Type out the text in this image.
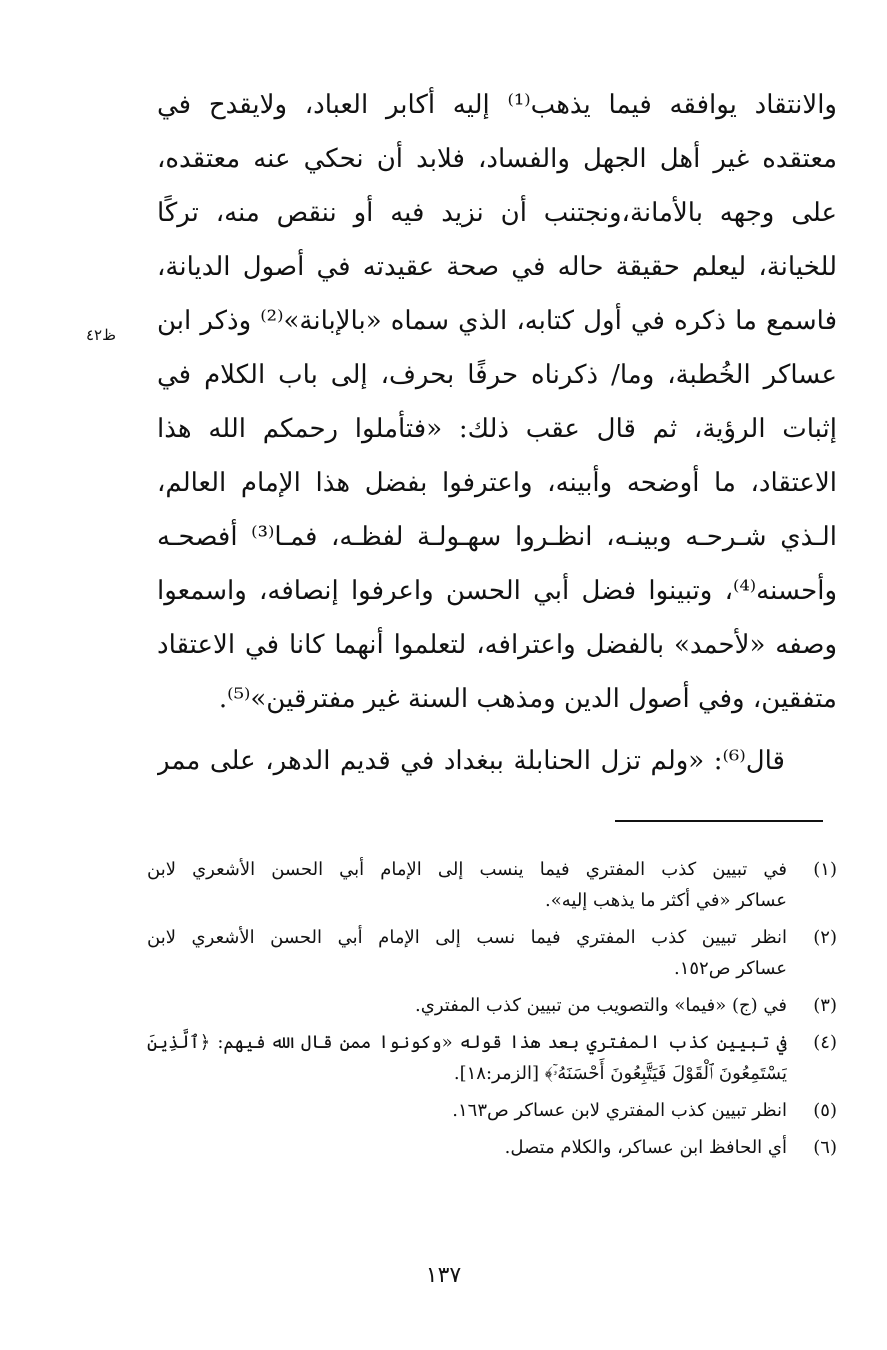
والانتقاد يوافقه فيما يذهب⁽¹⁾ إليه أكابر العباد، ولايقدح في
معتقده غير أهل الجهل والفساد، فلابد أن نحكي عنه معتقده،
على وجهه بالأمانة،ونجتنب أن نزيد فيه أو ننقص منه، تركًا
للخيانة، ليعلم حقيقة حاله في صحة عقيدته في أصول الديانة،
فاسمع ما ذكره في أول كتابه، الذي سماه «بالإبانة»⁽²⁾ وذكر ابن
عساكر الخُطبة، وما/ ذكرناه حرفًا بحرف، إلى باب الكلام في
إثبات الرؤية، ثم قال عقب ذلك: «فتأملوا رحمكم الله هذا
الاعتقاد، ما أوضحه وأبينه، واعترفوا بفضل هذا الإمام العالم،
الـذي شـرحـه وبينـه، انظـروا سهـولـة لفظـه، فمـا⁽³⁾ أفصحـه
وأحسنه⁽⁴⁾، وتبينوا فضل أبي الحسن واعرفوا إنصافه، واسمعوا
وصفه «لأحمد» بالفضل واعترافه، لتعلموا أنهما كانا في الاعتقاد
متفقين، وفي أصول الدين ومذهب السنة غير مفترقين»⁽⁵⁾.
قال⁽⁶⁾: «ولم تزل الحنابلة ببغداد في قديم الدهر، على ممر
ظ٤٢
(١)
في تبيين كذب المفتري فيما ينسب إلى الإمام أبي الحسن الأشعري لابن
عساكر «في أكثر ما يذهب إليه».
(٢)
انظر تبيين كذب المفتري فيما نسب إلى الإمام أبي الحسن الأشعري لابن
عساكر ص١٥٢.
(٣)
في (ج) «فيما» والتصويب من تبيين كذب المفتري.
(٤)
في تبيين كذب المفتري بعد هذا قوله «وكونوا ممن قال الله فيهم: ﴿ٱلَّذِينَ
يَسْتَمِعُونَ ٱلْقَوْلَ فَيَتَّبِعُونَ أَحْسَنَهُۥٓ﴾ [الزمر:١٨].
(٥)
انظر تبيين كذب المفتري لابن عساكر ص١٦٣.
(٦)
أي الحافظ ابن عساكر، والكلام متصل.
١٣٧
